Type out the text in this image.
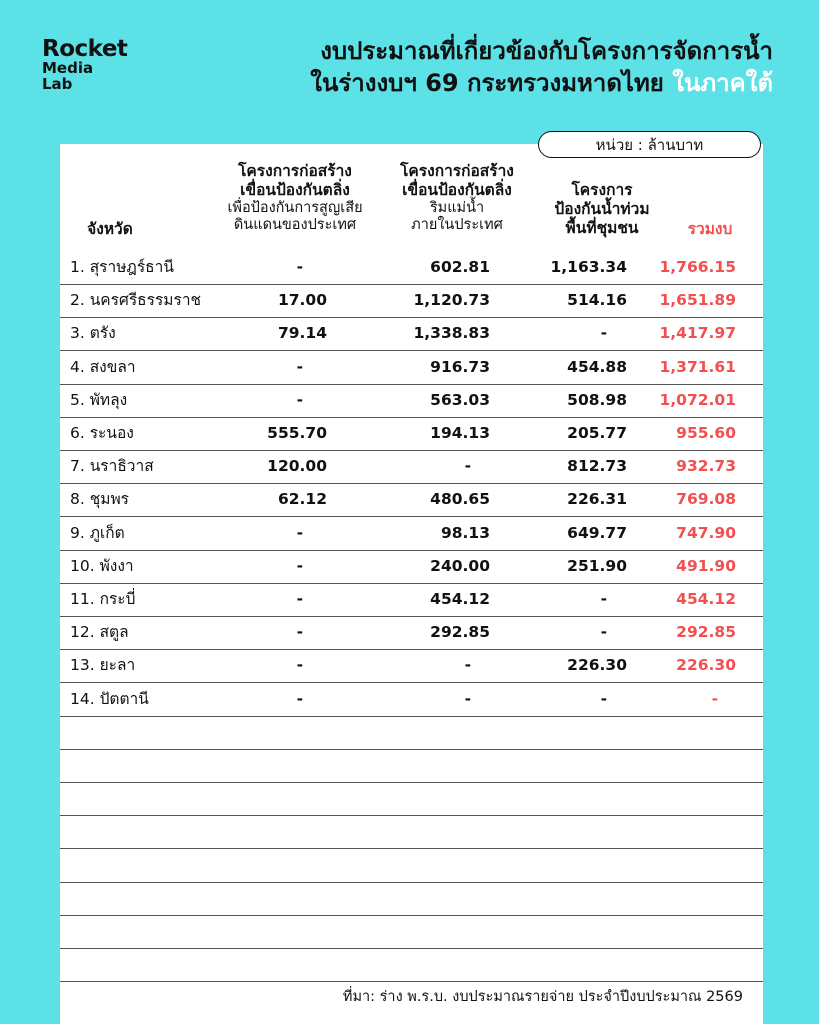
Rocket
Media
Lab
งบประมาณที่เกี่ยวข้องกับโครงการจัดการน้ำ
ในร่างงบฯ 69 กระทรวงมหาดไทย ในภาคใต้
หน่วย : ล้านบาท
จังหวัด
โครงการก่อสร้าง
เขื่อนป้องกันตลิ่ง
เพื่อป้องกันการสูญเสีย
ดินแดนของประเทศ
โครงการก่อสร้าง
เขื่อนป้องกันตลิ่ง
ริมแม่น้ำ
ภายในประเทศ
โครงการ
ป้องกันน้ำท่วม
พื้นที่ชุมชน	รวมงบ
1. สุราษฎร์ธานี	-	602.81	1,163.34 1,766.15
2. นครศรีธรรมราช	17.00	1,120.73	514.16 1,651.89
3. ตรัง	79.14	1,338.83	-	1,417.97
4. สงขลา	-	916.73	454.88 1,371.61
5. พัทลุง	-	563.03	508.98 1,072.01
6. ระนอง	555.70	194.13	205.77	955.60
7. นราธิวาส	120.00	-	812.73	932.73
8. ชุมพร	62.12	480.65	226.31	769.08
9. ภูเก็ต	-	98.13	649.77	747.90
10. พังงา	-	240.00	251.90	491.90
11. กระบี่	-	454.12	-	454.12
12. สตูล	-	292.85	-	292.85
13. ยะลา	-	-	226.30	226.30
14. ปัตตานี	-	-	-	-
ที่มา: ร่าง พ.ร.บ. งบประมาณรายจ่าย ประจำปีงบประมาณ 2569
